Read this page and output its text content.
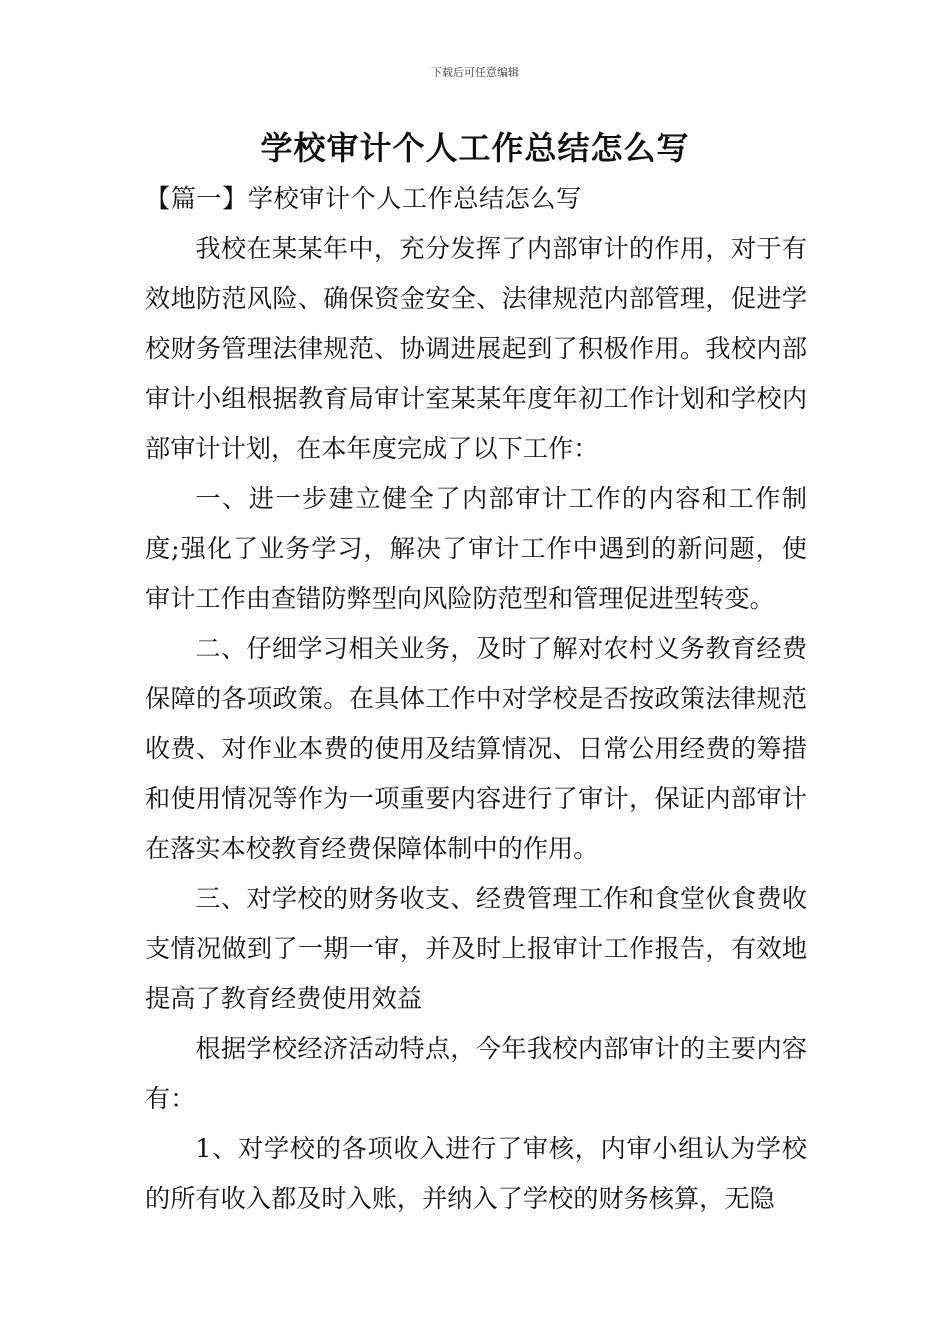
下载后可任意编辑
学校审计个人工作总结怎么写

【篇一】学校审计个人工作总结怎么写

我校在某某年中，充分发挥了内部审计的作用，对于有效地防范风险、确保资金安全、法律规范内部管理，促进学校财务管理法律规范、协调进展起到了积极作用。我校内部审计小组根据教育局审计室某某年度年初工作计划和学校内部审计计划，在本年度完成了以下工作：

一、进一步建立健全了内部审计工作的内容和工作制度;强化了业务学习，解决了审计工作中遇到的新问题，使审计工作由查错防弊型向风险防范型和管理促进型转变。

二、仔细学习相关业务，及时了解对农村义务教育经费保障的各项政策。在具体工作中对学校是否按政策法律规范收费、对作业本费的使用及结算情况、日常公用经费的筹措和使用情况等作为一项重要内容进行了审计，保证内部审计在落实本校教育经费保障体制中的作用。

三、对学校的财务收支、经费管理工作和食堂伙食费收支情况做到了一期一审，并及时上报审计工作报告，有效地提高了教育经费使用效益

根据学校经济活动特点，今年我校内部审计的主要内容有：

1、对学校的各项收入进行了审核，内审小组认为学校的所有收入都及时入账，并纳入了学校的财务核算，无隐
